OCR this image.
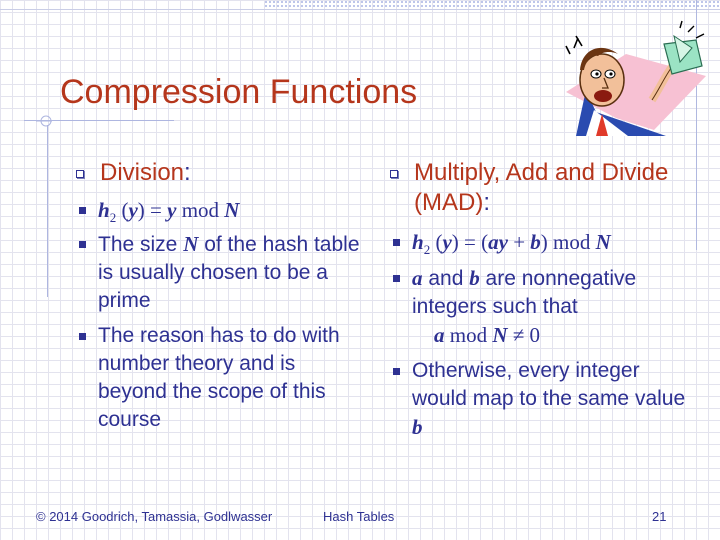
Compression Functions

Division:

$h_2$ (y) = y mod N
The size N of the hash table is usually chosen to be a prime
The reason has to do with number theory and is beyond the scope of this course

Multiply, Add and Divide (MAD):

$h_2$ (y) = (ay + b) mod N
a and b are nonnegative integers such that
a mod N ≠ 0
Otherwise, every integer would map to the same value b
© 2014 Goodrich, Tamassia, Godlwasser	Hash Tables	21
